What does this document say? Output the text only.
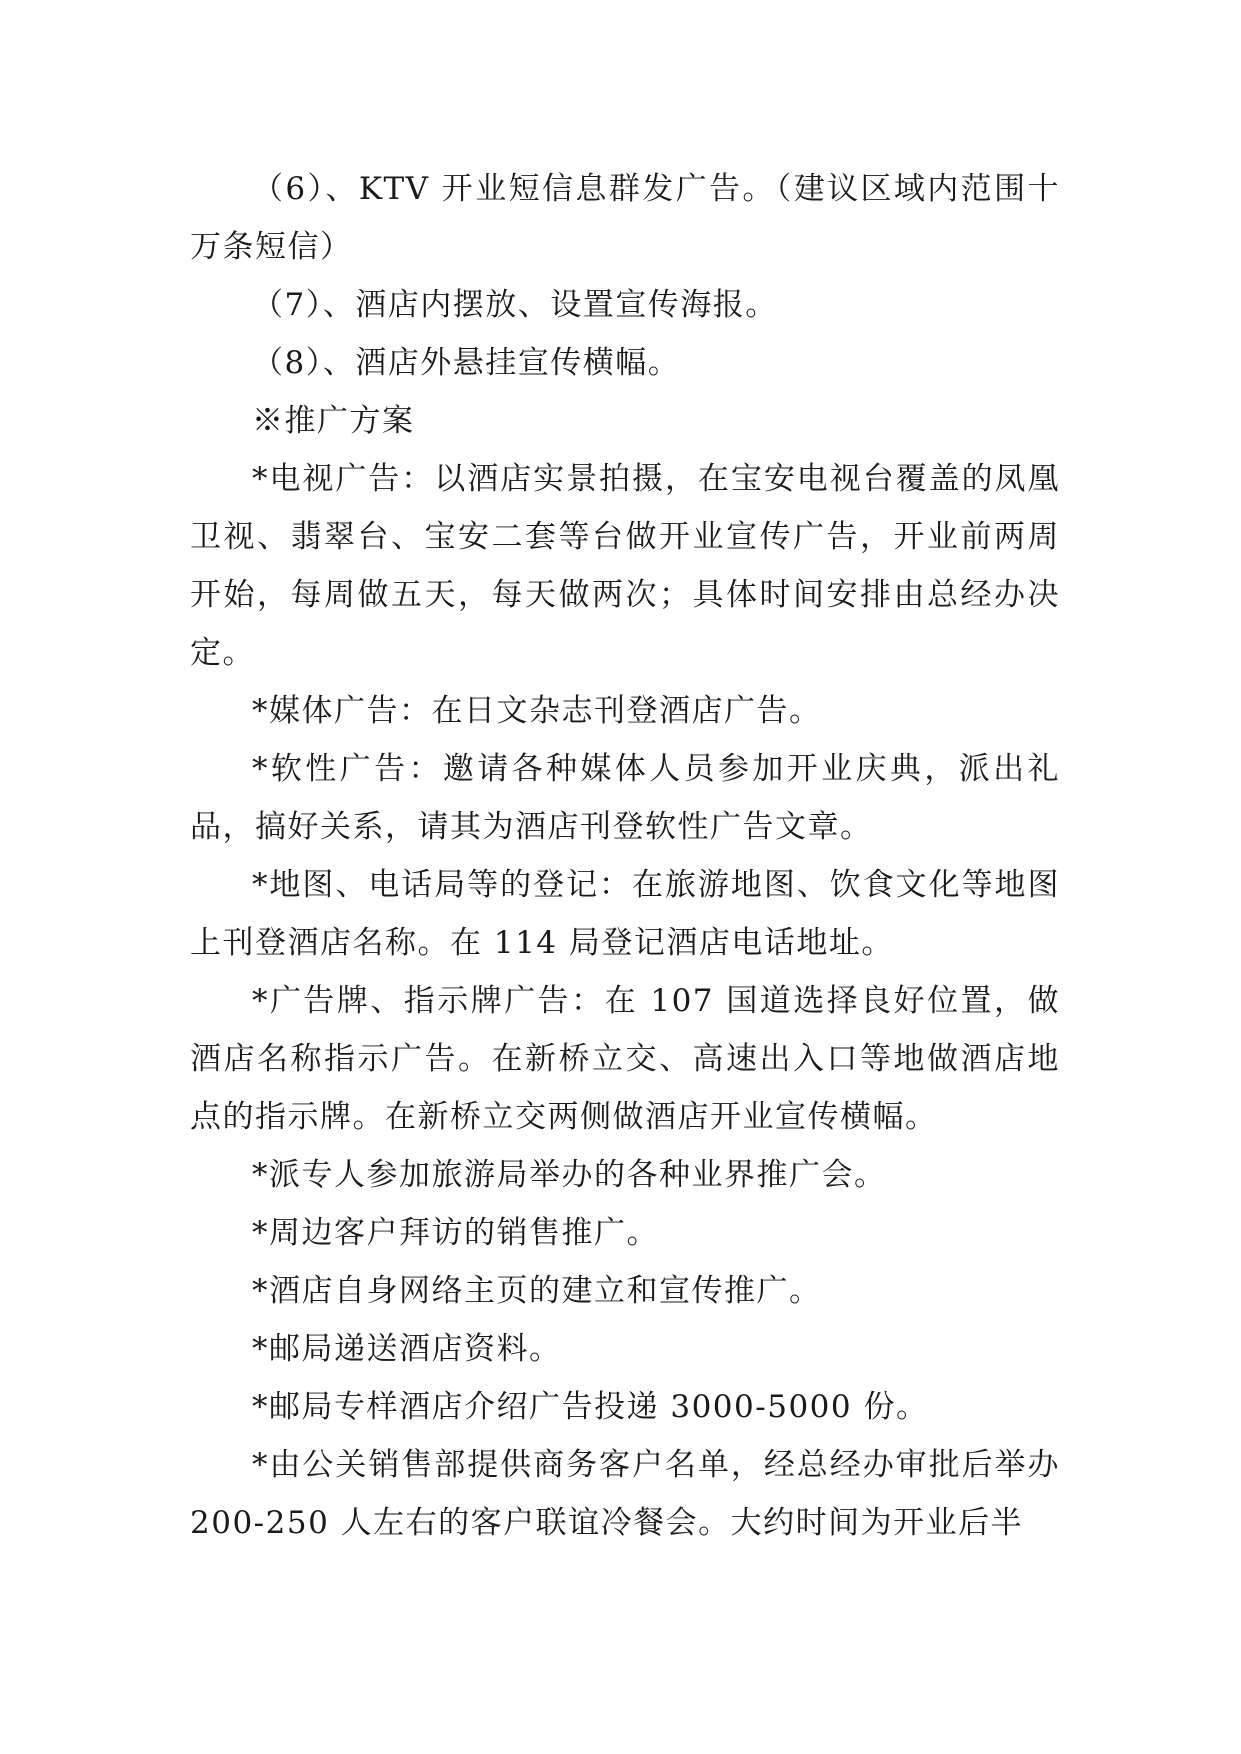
（6）、KTV 开业短信息群发广告。（建议区域内范围十万条短信）

（7）、酒店内摆放、设置宣传海报。

（8）、酒店外悬挂宣传横幅。

※推广方案

*电视广告：以酒店实景拍摄，在宝安电视台覆盖的凤凰卫视、翡翠台、宝安二套等台做开业宣传广告，开业前两周开始，每周做五天，每天做两次；具体时间安排由总经办决定。

*媒体广告：在日文杂志刊登酒店广告。

*软性广告：邀请各种媒体人员参加开业庆典，派出礼品，搞好关系，请其为酒店刊登软性广告文章。

*地图、电话局等的登记：在旅游地图、饮食文化等地图上刊登酒店名称。在 114 局登记酒店电话地址。

*广告牌、指示牌广告：在 107 国道选择良好位置，做酒店名称指示广告。在新桥立交、高速出入口等地做酒店地点的指示牌。在新桥立交两侧做酒店开业宣传横幅。

*派专人参加旅游局举办的各种业界推广会。

*周边客户拜访的销售推广。

*酒店自身网络主页的建立和宣传推广。

*邮局递送酒店资料。

*邮局专样酒店介绍广告投递 3000-5000 份。

*由公关销售部提供商务客户名单，经总经办审批后举办 200-250 人左右的客户联谊冷餐会。大约时间为开业后半
